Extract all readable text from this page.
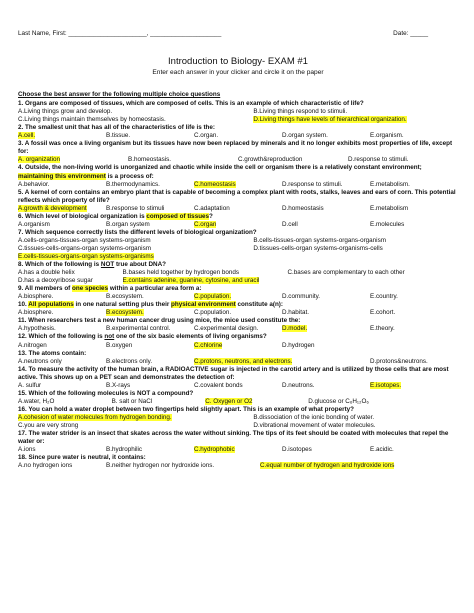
Last Name, First: ______________________, ____________________	Date: _____
Introduction to Biology- EXAM #1
Enter each answer in your clicker and circle it on the paper
Choose the best answer for the following multiple choice questions
1. Organs are composed of tissues, which are composed of cells. This is an example of which characteristic of life?
A.Living things grow and develop.	B.Living things respond to stimuli.
C.Living things maintain themselves by homeostasis.	D.Living things have levels of hierarchical organization.
2. The smallest unit that has all of the characteristics of life is the:
A.cell.	B.tissue.	C.organ.	D.organ system.	E.organism.
3. A fossil was once a living organism but its tissues have now been replaced by minerals and it no longer exhibits most properties of life, except for:
A. organization	B.homeostasis.	C.growth&reproduction	D.response to stimuli.
4. Outside, the non-living world is unorganized and chaotic while inside the cell or organism there is a relatively constant environment; maintaining this environment is a process of:
A.behavior.	B.thermodynamics.	C.homeostasis	D.response to stimuli.	E.metabolism.
5. A kernel of corn contains an embryo plant that is capable of becoming a complex plant with roots, stalks, leaves and ears of corn. This potential reflects which property of life?
A.growth & development	B.response to stimuli	C.adaptation	D.homeostasis	E.metabolism
6. Which level of biological organization is composed of tissues?
A.organism	B.organ system	C.organ	D.cell	E.molecules
7. Which sequence correctly lists the different levels of biological organization?
A.cells-organs-tissues-organ systems-organism	B.cells-tissues-organ systems-organs-organism
C.tissues-cells-organs-organ systems-organism	D.tissues-cells-organ systems-organisms-cells
E.cells-tissues-organs-organ systems-organisms
8. Which of the following is NOT true about DNA?
A.has a double helix	B.bases held together by hydrogen bonds	C.bases are complementary to each other
D.has a deoxyribose sugar	E.contains adenine, guanine, cytosine, and uracil
9. All members of one species within a particular area form a:
A.biosphere.	B.ecosystem.	C.population.	D.community.	E.country.
10. All populations in one natural setting plus their physical environment constitute a(n):
A.biosphere.	B.ecosystem.	C.population.	D.habitat.	E.cohort.
11. When researchers test a new human cancer drug using mice, the mice used constitute the:
A.hypothesis.	B.experimental control.	C.experimental design.	D.model.	E.theory.
12. Which of the following is not one of the six basic elements of living organisms?
A.nitrogen	B.oxygen	C.chlorine	D.hydrogen
13. The atoms contain:
A.neutrons only	B.electrons only.	C.protons, neutrons, and electrons.	D.protons&neutrons.
14. To measure the activity of the human brain, a RADIOACTIVE sugar is injected in the carotid artery and is utilized by those cells that are most active. This shows up on a PET scan and demonstrates the detection of:
A. sulfur	B.X-rays	C.covalent bonds	D.neutrons.	E.isotopes.
15. Which of the following molecules is NOT a compound?
A.water, H₂O	B. salt or NaCl	C. Oxygen or O2	D.glucose or C₆H₁₂O₆
16. You can hold a water droplet between two fingertips held slightly apart. This is an example of what property?
A.cohesion of water molecules from hydrogen bonding.	B.dissociation of the ionic bonding of water.
C.you are very strong	D.vibrational movement of water molecules.
17. The water strider is an insect that skates across the water without sinking. The tips of its feet should be coated with molecules that repel the water or:
A.ions	B.hydrophilic	C.hydrophobic	D.isotopes	E.acidic.
18. Since pure water is neutral, it contains:
A.no hydrogen ions	B.neither hydrogen nor hydroxide ions.	C.equal number of hydrogen and hydroxide ions
